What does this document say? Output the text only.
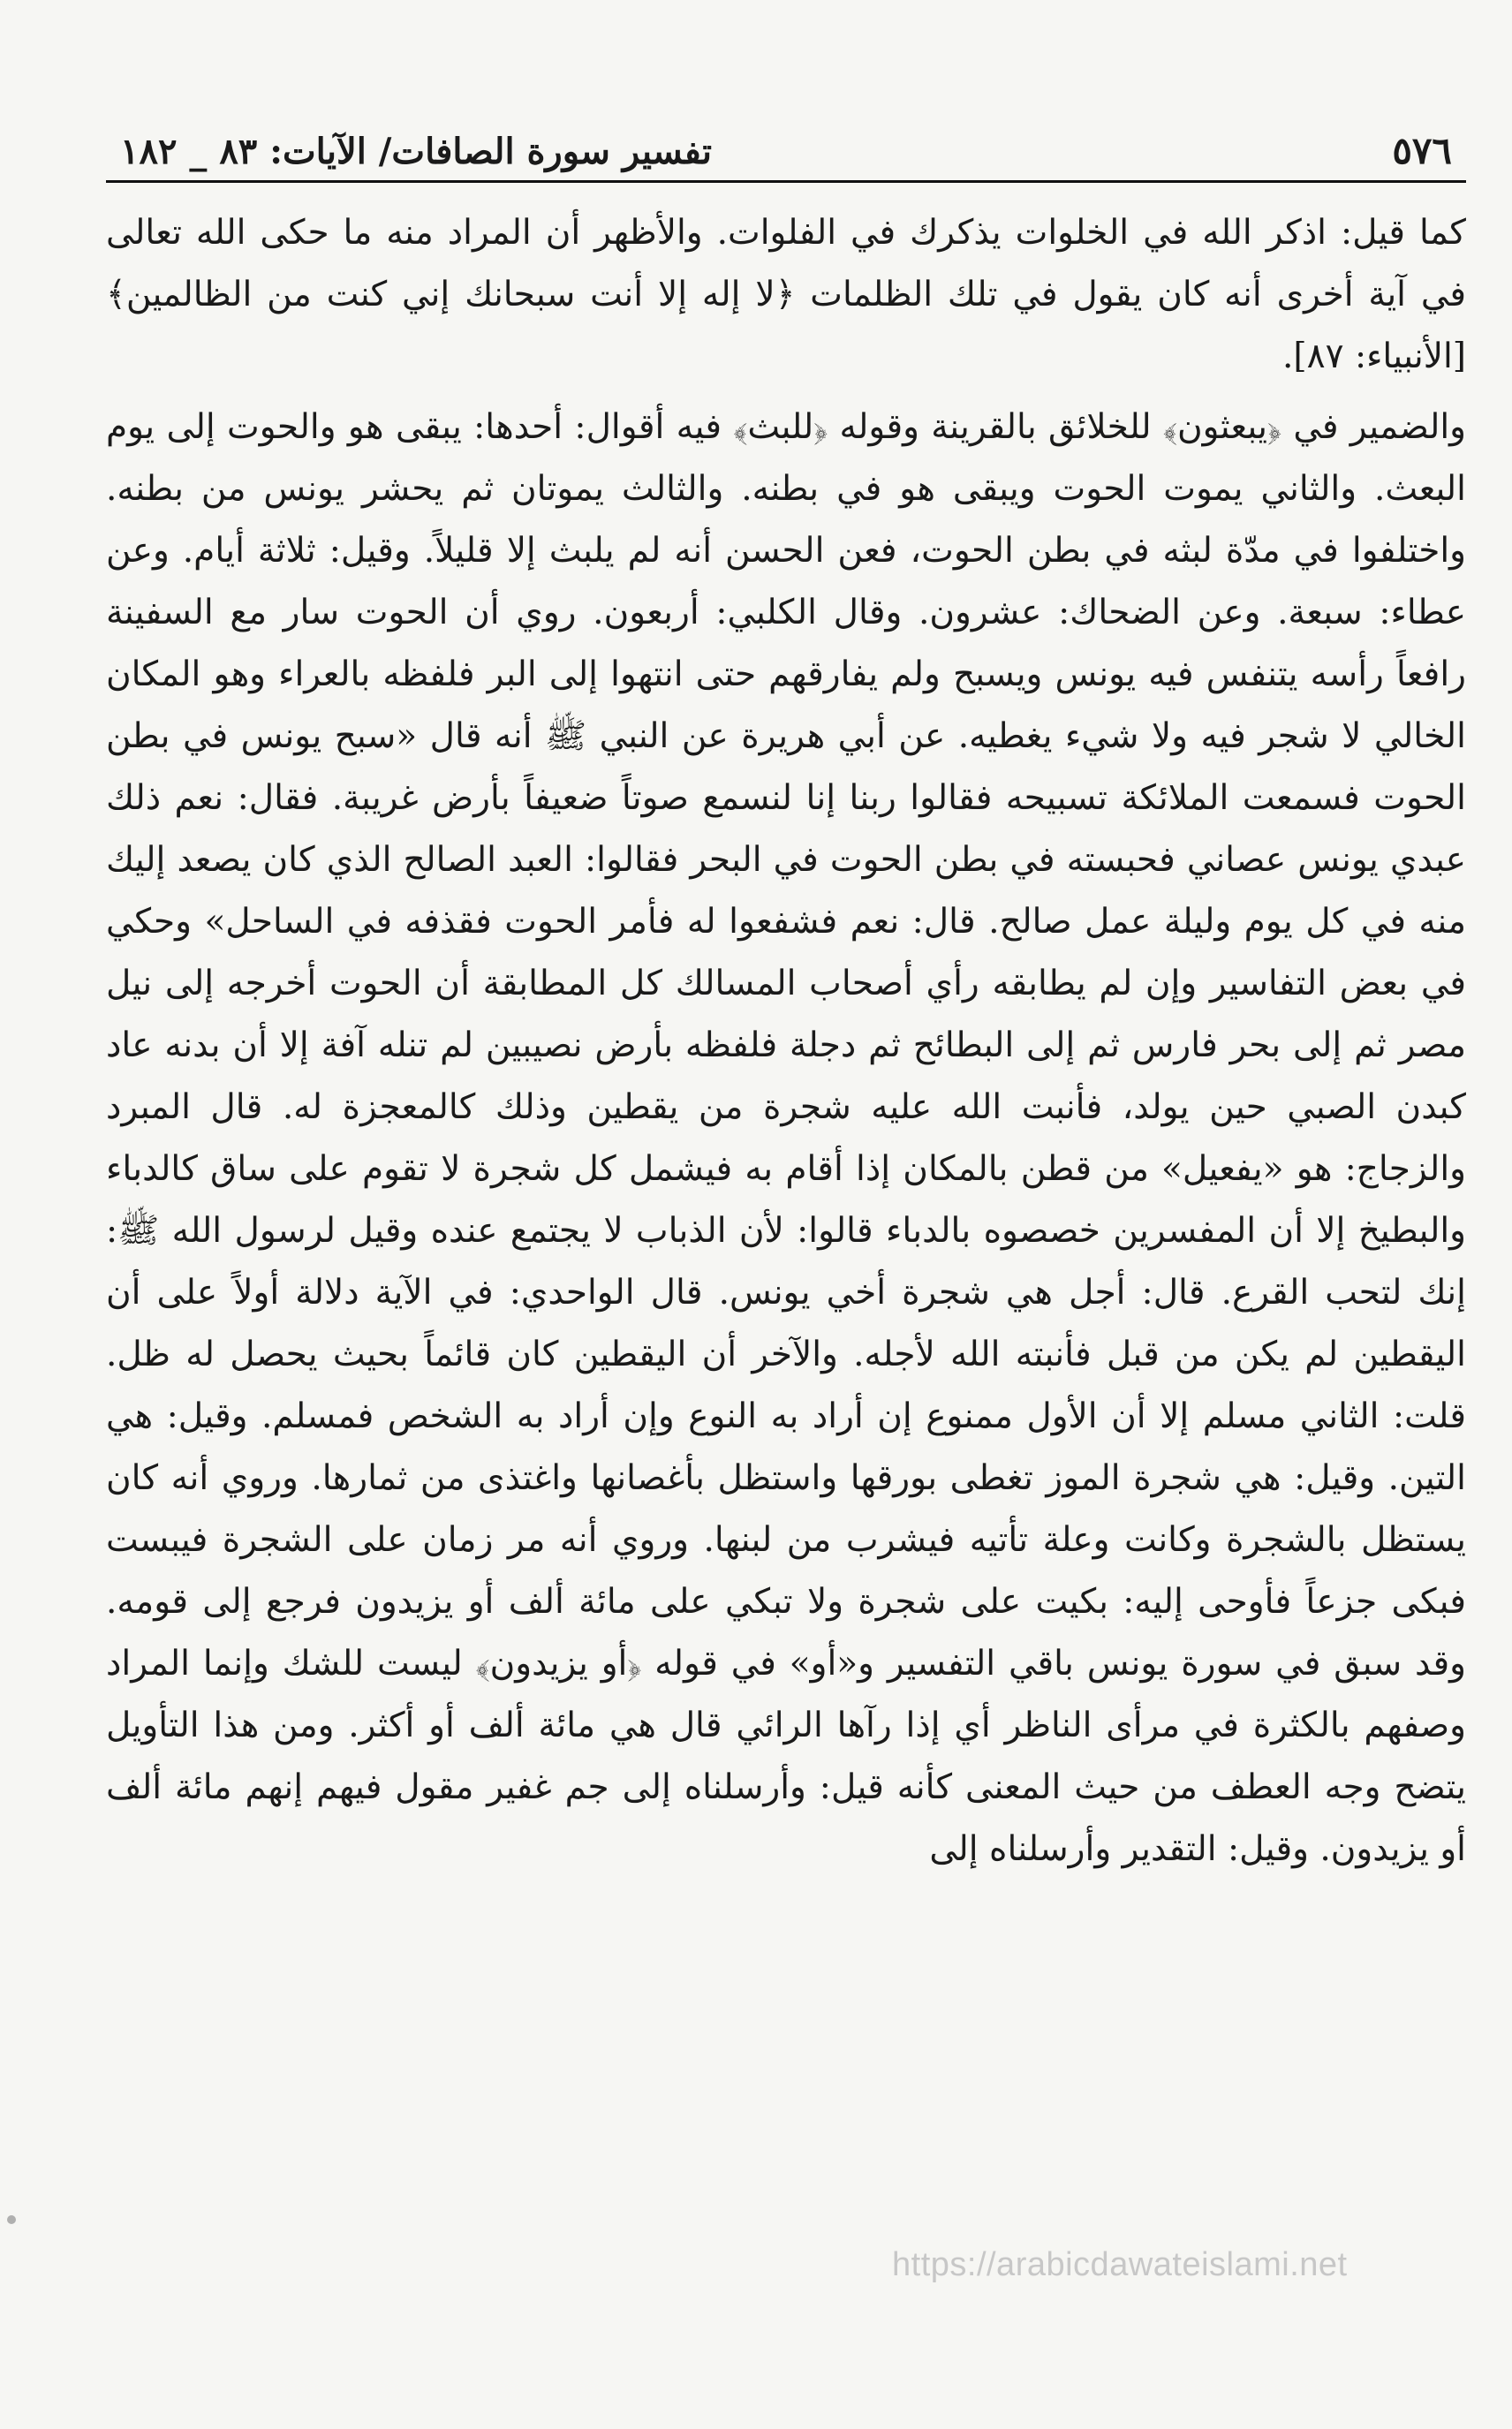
٥٧٦
تفسير سورة الصافات/ الآيات: ٨٣ _ ١٨٢

كما قيل: اذكر الله في الخلوات يذكرك في الفلوات. والأظهر أن المراد منه ما حكى الله تعالى في آية أخرى أنه كان يقول في تلك الظلمات ﴿لا إله إلا أنت سبحانك إني كنت من الظالمين﴾ [الأنبياء: ٨٧].

والضمير في ﴿يبعثون﴾ للخلائق بالقرينة وقوله ﴿للبث﴾ فيه أقوال: أحدها: يبقى هو والحوت إلى يوم البعث. والثاني يموت الحوت ويبقى هو في بطنه. والثالث يموتان ثم يحشر يونس من بطنه. واختلفوا في مدّة لبثه في بطن الحوت، فعن الحسن أنه لم يلبث إلا قليلاً. وقيل: ثلاثة أيام. وعن عطاء: سبعة. وعن الضحاك: عشرون. وقال الكلبي: أربعون. روي أن الحوت سار مع السفينة رافعاً رأسه يتنفس فيه يونس ويسبح ولم يفارقهم حتى انتهوا إلى البر فلفظه بالعراء وهو المكان الخالي لا شجر فيه ولا شيء يغطيه. عن أبي هريرة عن النبي ﷺ أنه قال «سبح يونس في بطن الحوت فسمعت الملائكة تسبيحه فقالوا ربنا إنا لنسمع صوتاً ضعيفاً بأرض غريبة. فقال: نعم ذلك عبدي يونس عصاني فحبسته في بطن الحوت في البحر فقالوا: العبد الصالح الذي كان يصعد إليك منه في كل يوم وليلة عمل صالح. قال: نعم فشفعوا له فأمر الحوت فقذفه في الساحل» وحكي في بعض التفاسير وإن لم يطابقه رأي أصحاب المسالك كل المطابقة أن الحوت أخرجه إلى نيل مصر ثم إلى بحر فارس ثم إلى البطائح ثم دجلة فلفظه بأرض نصيبين لم تنله آفة إلا أن بدنه عاد كبدن الصبي حين يولد، فأنبت الله عليه شجرة من يقطين وذلك كالمعجزة له. قال المبرد والزجاج: هو «يفعيل» من قطن بالمكان إذا أقام به فيشمل كل شجرة لا تقوم على ساق كالدباء والبطيخ إلا أن المفسرين خصصوه بالدباء قالوا: لأن الذباب لا يجتمع عنده وقيل لرسول الله ﷺ: إنك لتحب القرع. قال: أجل هي شجرة أخي يونس. قال الواحدي: في الآية دلالة أولاً على أن اليقطين لم يكن من قبل فأنبته الله لأجله. والآخر أن اليقطين كان قائماً بحيث يحصل له ظل. قلت: الثاني مسلم إلا أن الأول ممنوع إن أراد به النوع وإن أراد به الشخص فمسلم. وقيل: هي التين. وقيل: هي شجرة الموز تغطى بورقها واستظل بأغصانها واغتذى من ثمارها. وروي أنه كان يستظل بالشجرة وكانت وعلة تأتيه فيشرب من لبنها. وروي أنه مر زمان على الشجرة فيبست فبكى جزعاً فأوحى إليه: بكيت على شجرة ولا تبكي على مائة ألف أو يزيدون فرجع إلى قومه. وقد سبق في سورة يونس باقي التفسير و«أو» في قوله ﴿أو يزيدون﴾ ليست للشك وإنما المراد وصفهم بالكثرة في مرأى الناظر أي إذا رآها الرائي قال هي مائة ألف أو أكثر. ومن هذا التأويل يتضح وجه العطف من حيث المعنى كأنه قيل: وأرسلناه إلى جم غفير مقول فيهم إنهم مائة ألف أو يزيدون. وقيل: التقدير وأرسلناه إلى

https://arabicdawateislami.net
